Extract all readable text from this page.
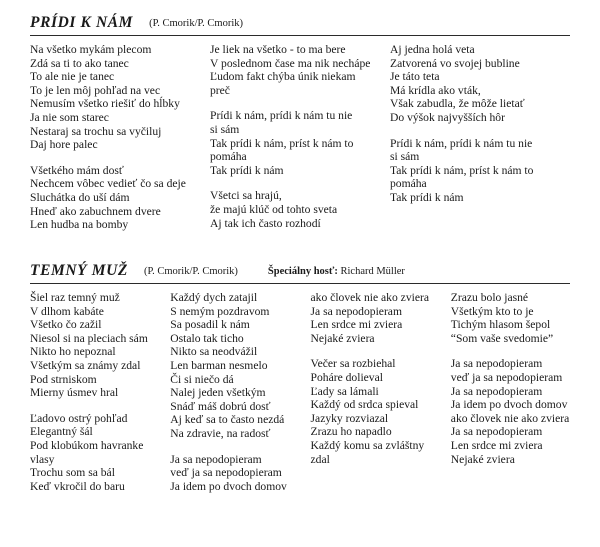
PRÍDI K NÁM (P. Cmorik/P. Cmorik)
Na všetko mykám plecom
Zdá sa ti to ako tanec
To ale nie je tanec
To je len môj pohľad na vec
Nemusím všetko riešiť do hĺbky
Ja nie som starec
Nestaraj sa trochu sa vyčiluj
Daj hore palec
Všetkého mám dosť
Nechcem vôbec vedieť čo sa deje
Sluchátka do uší dám
Hneď ako zabuchnem dvere
Len hudba na bomby
Je liek na všetko - to ma bere
V poslednom čase ma nik nechápe
Ľudom fakt chýba únik niekam
preč
Prídi k nám, prídi k nám tu nie
si sám
Tak prídi k nám, príst k nám to
pomáha
Tak prídi k nám
Všetci sa hrajú,
že majú klúč od tohto sveta
Aj tak ich často rozhodí
Aj jedna holá veta
Zatvorená vo svojej bubline
Je táto teta
Má krídla ako vták,
Však zabudla, že môže lietať
Do výšok najvyšších hôr
Prídi k nám, prídi k nám tu nie
si sám
Tak prídi k nám, príst k nám to
pomáha
Tak prídi k nám
TEMNÝ MUŽ (P. Cmorik/P. Cmorik)	Špeciálny hosť: Richard Müller
Šiel raz temný muž
V dlhom kabáte
Všetko čo zažil
Niesol si na pleciach sám
Nikto ho nepoznal
Všetkým sa známy zdal
Pod strniskom
Mierny úsmev hral
Ľadovo ostrý pohľad
Elegantný šál
Pod klobúkom havranke
vlasy
Trochu som sa bál
Keď vkročil do baru
Každý dych zatajil
S nemým pozdravom
Sa posadil k nám
Ostalo tak ticho
Nikto sa neodvážil
Len barman nesmelo
Či si niečo dá
Nalej jeden všetkým
Snáď máš dobrú dosť
Aj keď sa to často nezdá
Na zdravie, na radosť
Ja sa nepodopieram
veď ja sa nepodopieram
Ja idem po dvoch domov
ako človek nie ako zviera
Ja sa nepodopieram
Len srdce mi zviera
Nejaké zviera
Večer sa rozbiehal
Poháre dolieval
Ľady sa lámali
Každý od srdca spieval
Jazyky rozviazal
Zrazu ho napadlo
Každý komu sa zvláštny
zdal
Zrazu bolo jasné
Všetkým kto to je
Tichým hlasom šepol
“Som vaše svedomie”
Ja sa nepodopieram
veď ja sa nepodopieram
Ja sa nepodopieram
Ja idem po dvoch domov
ako človek nie ako zviera
Ja sa nepodopieram
Len srdce mi zviera
Nejaké zviera
